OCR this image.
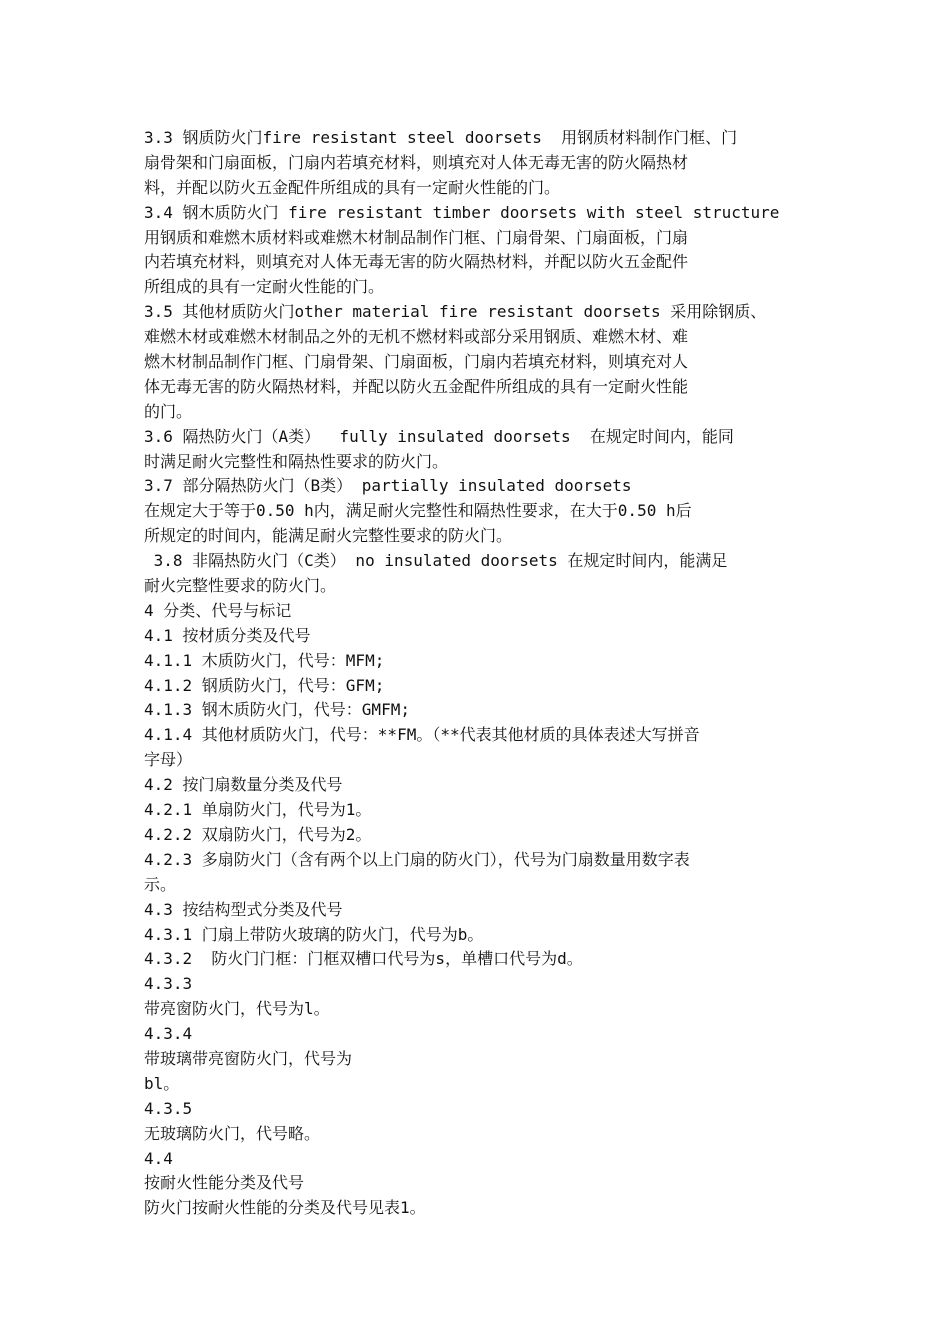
3.3 钢质防火门fire resistant steel doorsets  用钢质材料制作门框、门
扇骨架和门扇面板，门扇内若填充材料，则填充对人体无毒无害的防火隔热材
料，并配以防火五金配件所组成的具有一定耐火性能的门。
3.4 钢木质防火门 fire resistant timber doorsets with steel structure
用钢质和难燃木质材料或难燃木材制品制作门框、门扇骨架、门扇面板，门扇
内若填充材料，则填充对人体无毒无害的防火隔热材料，并配以防火五金配件
所组成的具有一定耐火性能的门。
3.5 其他材质防火门other material fire resistant doorsets 采用除钢质、
难燃木材或难燃木材制品之外的无机不燃材料或部分采用钢质、难燃木材、难
燃木材制品制作门框、门扇骨架、门扇面板，门扇内若填充材料，则填充对人
体无毒无害的防火隔热材料，并配以防火五金配件所组成的具有一定耐火性能
的门。
3.6 隔热防火门（A类）  fully insulated doorsets  在规定时间内，能同
时满足耐火完整性和隔热性要求的防火门。
3.7 部分隔热防火门（B类） partially insulated doorsets
在规定大于等于0.50 h内，满足耐火完整性和隔热性要求，在大于0.50 h后
所规定的时间内，能满足耐火完整性要求的防火门。
3.8 非隔热防火门（C类） no insulated doorsets 在规定时间内，能满足
耐火完整性要求的防火门。
4 分类、代号与标记
4.1 按材质分类及代号
4.1.1 木质防火门，代号：MFM;
4.1.2 钢质防火门，代号：GFM;
4.1.3 钢木质防火门，代号：GMFM;
4.1.4 其他材质防火门，代号：**FM。（**代表其他材质的具体表述大写拼音
字母）
4.2 按门扇数量分类及代号
4.2.1 单扇防火门，代号为1。
4.2.2 双扇防火门，代号为2。
4.2.3 多扇防火门（含有两个以上门扇的防火门），代号为门扇数量用数字表
示。
4.3 按结构型式分类及代号
4.3.1 门扇上带防火玻璃的防火门，代号为b。
4.3.2  防火门门框：门框双槽口代号为s，单槽口代号为d。
4.3.3
带亮窗防火门，代号为l。
4.3.4
带玻璃带亮窗防火门，代号为
bl。
4.3.5
无玻璃防火门，代号略。
4.4
按耐火性能分类及代号
防火门按耐火性能的分类及代号见表1。
